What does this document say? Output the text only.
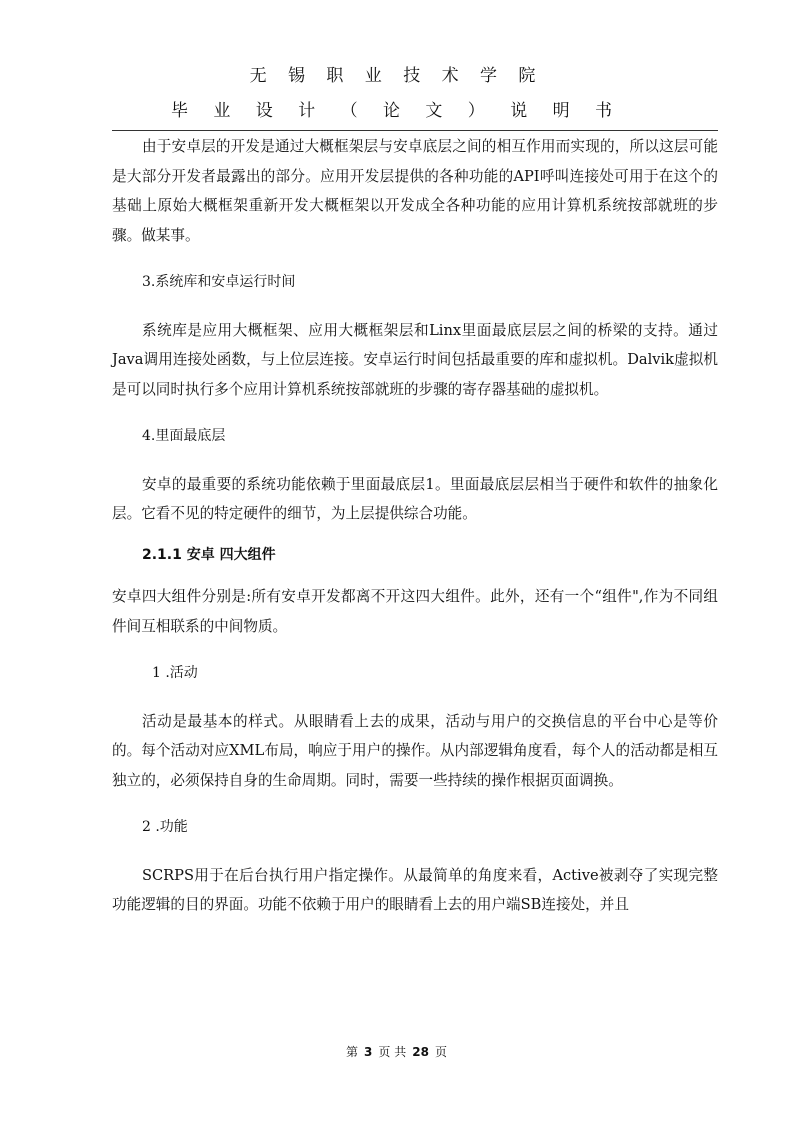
无 锡 职 业 技 术 学 院
毕 业 设 计 （ 论 文 ） 说 明 书

由于安卓层的开发是通过大概框架层与安卓底层之间的相互作用而实现的，所以这层可能是大部分开发者最露出的部分。应用开发层提供的各种功能的API呼叫连接处可用于在这个的基础上原始大概框架重新开发大概框架以开发成全各种功能的应用计算机系统按部就班的步骤。做某事。

3.系统库和安卓运行时间

系统库是应用大概框架、应用大概框架层和Linx里面最底层层之间的桥梁的支持。通过 Java调用连接处函数，与上位层连接。安卓运行时间包括最重要的库和虚拟机。Dalvik虚拟机是可以同时执行多个应用计算机系统按部就班的步骤的寄存器基础的虚拟机。

4.里面最底层

安卓的最重要的系统功能依赖于里面最底层1。里面最底层层相当于硬件和软件的抽象化层。它看不见的特定硬件的细节，为上层提供综合功能。

2.1.1 安卓 四大组件

安卓四大组件分别是:所有安卓开发都离不开这四大组件。此外，还有一个“组件",作为不同组件间互相联系的中间物质。

1 .活动

活动是最基本的样式。从眼睛看上去的成果，活动与用户的交换信息的平台中心是等价的。每个活动对应XML布局，响应于用户的操作。从内部逻辑角度看，每个人的活动都是相互独立的，必须保持自身的生命周期。同时，需要一些持续的操作根据页面调换。

2 .功能

SCRPS用于在后台执行用户指定操作。从最简单的角度来看，Active被剥夺了实现完整功能逻辑的目的界面。功能不依赖于用户的眼睛看上去的用户端SB连接处，并且

第 3 页 共 28 页
